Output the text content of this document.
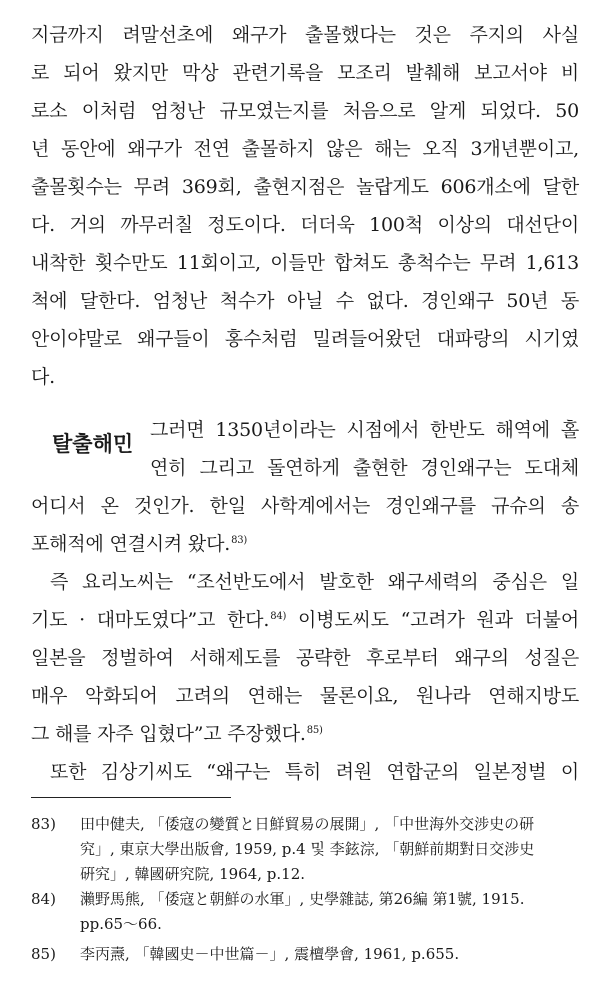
지금까지 려말선초에 왜구가 출몰했다는 것은 주지의 사실
로 되어 왔지만 막상 관련기록을 모조리 발췌해 보고서야 비
로소 이처럼 엄청난 규모였는지를 처음으로 알게 되었다. 50
년 동안에 왜구가 전연 출몰하지 않은 해는 오직 3개년뿐이고,
출몰횟수는 무려 369회, 출현지점은 놀랍게도 606개소에 달한
다. 거의 까무러칠 정도이다. 더더욱 100척 이상의 대선단이
내착한 횟수만도 11회이고, 이들만 합쳐도 총척수는 무려 1,613
척에 달한다. 엄청난 척수가 아닐 수 없다. 경인왜구 50년 동
안이야말로 왜구들이 홍수처럼 밀려들어왔던 대파랑의 시기였
다.
탈출해민
그러면 1350년이라는 시점에서 한반도 해역에 홀
연히 그리고 돌연하게 출현한 경인왜구는 도대체
어디서 온 것인가. 한일 사학계에서는 경인왜구를 규슈의 송
포해적에 연결시켜 왔다.$^{83)}$
즉 요리노씨는 “조선반도에서 발호한 왜구세력의 중심은 일
기도 · 대마도였다”고 한다.$^{84)}$ 이병도씨도 “고려가 원과 더불어
일본을 정벌하여 서해제도를 공략한 후로부터 왜구의 성질은
매우 악화되어 고려의 연해는 물론이요, 원나라 연해지방도
그 해를 자주 입혔다”고 주장했다.$^{85)}$
또한 김상기씨도 “왜구는 특히 려원 연합군의 일본정벌 이
83) 田中健夫, 「倭寇の變質と日鮮貿易の展開」, 「中世海外交涉史の研
究」, 東京大學出版會, 1959, p.4 및 李鉉淙, 「朝鮮前期對日交涉史
硏究」, 韓國硏究院, 1964, p.12.
84) 瀨野馬熊, 「倭寇と朝鮮の水軍」, 史學雜誌, 第26編 第1號, 1915.
pp.65～66.
85) 李丙燾, 「韓國史－中世篇－」, 震檀學會, 1961, p.655.
